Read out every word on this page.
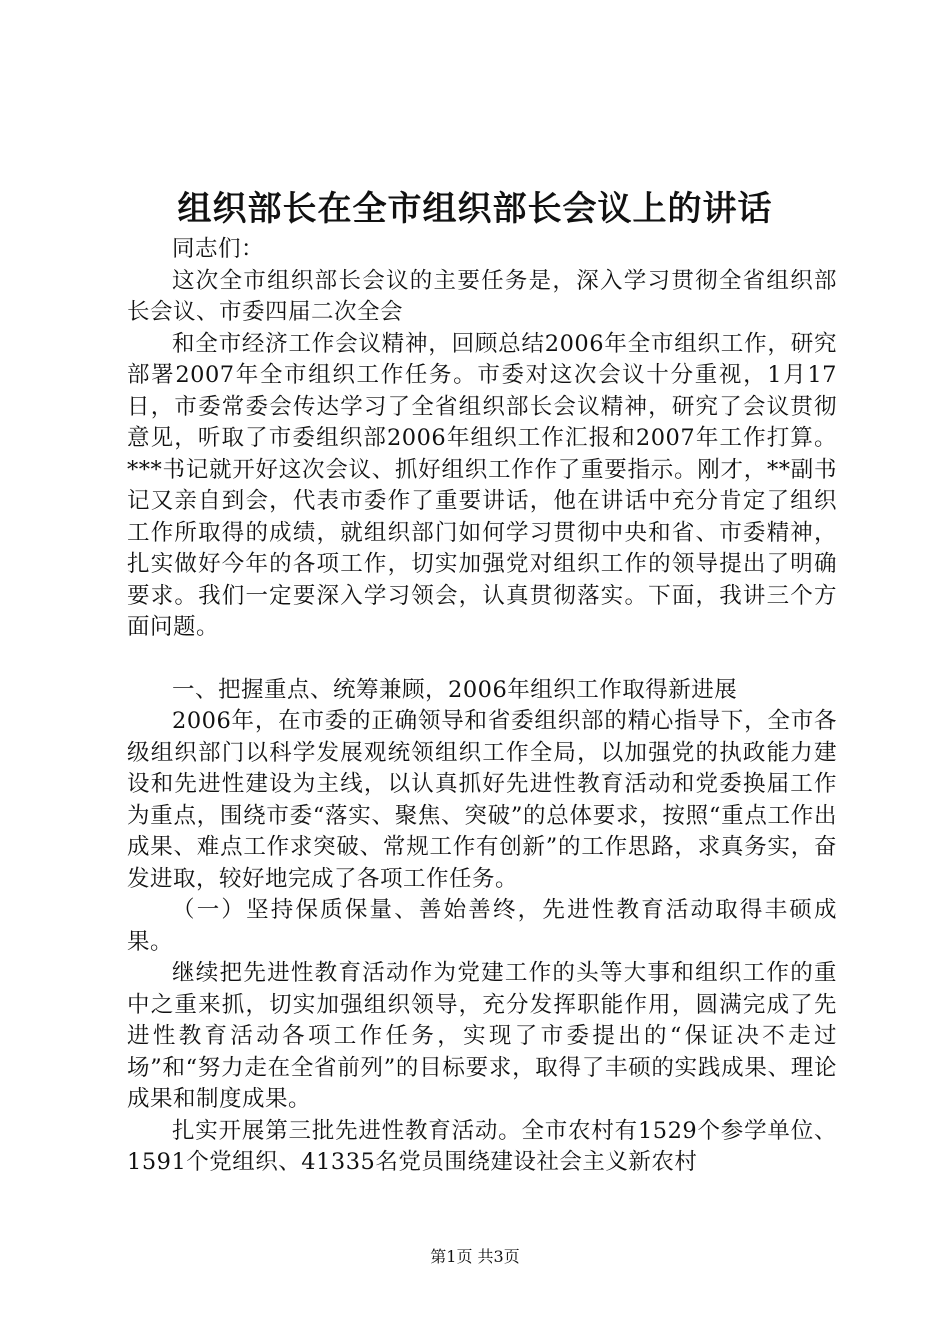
组织部长在全市组织部长会议上的讲话

同志们：

这次全市组织部长会议的主要任务是，深入学习贯彻全省组织部长会议、市委四届二次全会

和全市经济工作会议精神，回顾总结2006年全市组织工作，研究部署2007年全市组织工作任务。市委对这次会议十分重视，1月17日，市委常委会传达学习了全省组织部长会议精神，研究了会议贯彻意见，听取了市委组织部2006年组织工作汇报和2007年工作打算。***书记就开好这次会议、抓好组织工作作了重要指示。刚才，**副书记又亲自到会，代表市委作了重要讲话，他在讲话中充分肯定了组织工作所取得的成绩，就组织部门如何学习贯彻中央和省、市委精神，扎实做好今年的各项工作，切实加强党对组织工作的领导提出了明确要求。我们一定要深入学习领会，认真贯彻落实。下面，我讲三个方面问题。

一、把握重点、统筹兼顾，2006年组织工作取得新进展

2006年，在市委的正确领导和省委组织部的精心指导下，全市各级组织部门以科学发展观统领组织工作全局，以加强党的执政能力建设和先进性建设为主线，以认真抓好先进性教育活动和党委换届工作为重点，围绕市委“落实、聚焦、突破”的总体要求，按照“重点工作出成果、难点工作求突破、常规工作有创新”的工作思路，求真务实，奋发进取，较好地完成了各项工作任务。

（一）坚持保质保量、善始善终，先进性教育活动取得丰硕成果。

继续把先进性教育活动作为党建工作的头等大事和组织工作的重中之重来抓，切实加强组织领导，充分发挥职能作用，圆满完成了先进性教育活动各项工作任务，实现了市委提出的“保证决不走过场”和“努力走在全省前列”的目标要求，取得了丰硕的实践成果、理论成果和制度成果。

扎实开展第三批先进性教育活动。全市农村有1529个参学单位、1591个党组织、41335名党员围绕建设社会主义新农村

第1页 共3页
